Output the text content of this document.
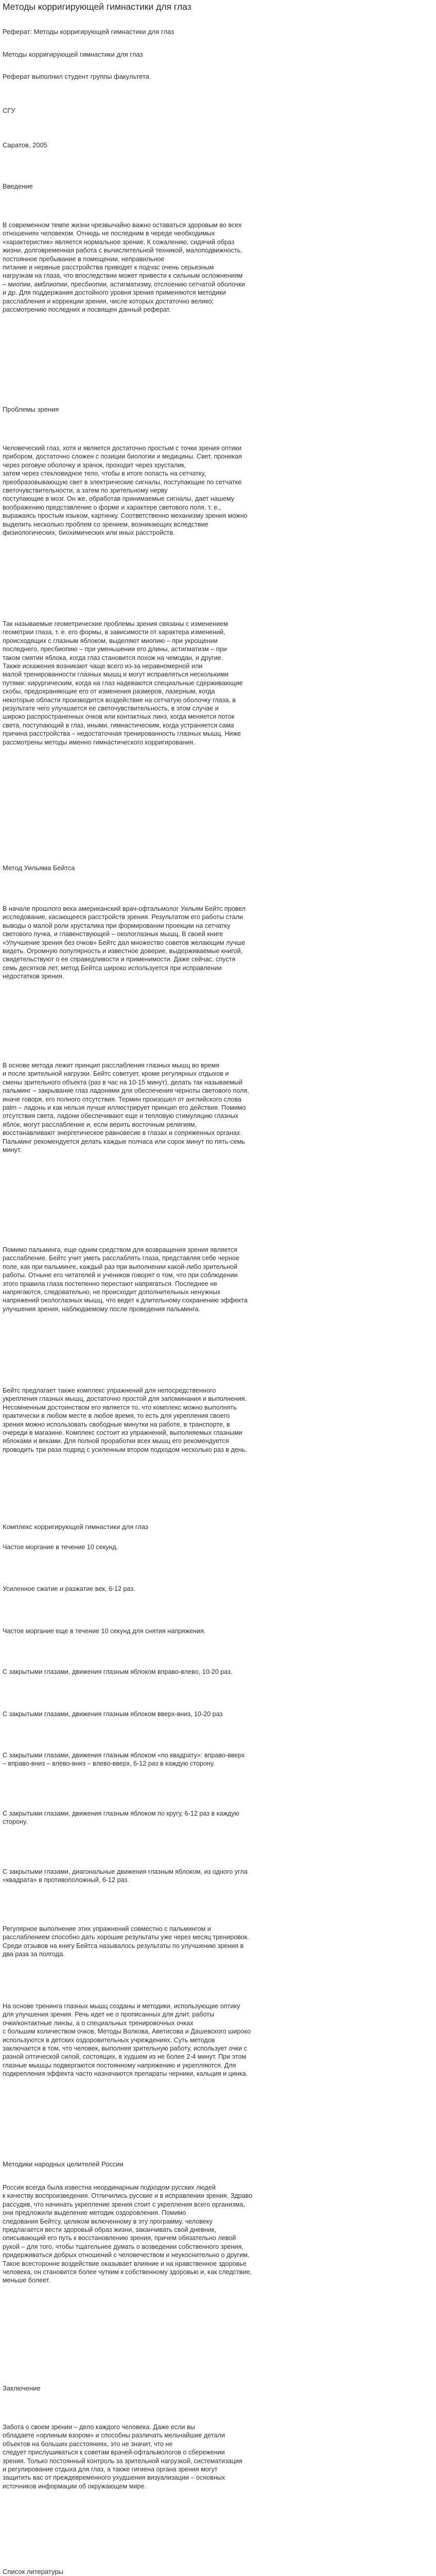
Методы корригирующей гимнастики для глаз
Реферат: Методы корригирующей гимнастики для глаз
Методы корригирующей гимнастики для глаз
Реферат выполнил студент группы факультета
СГУ
Саратов, 2005
Введение
В современном темпе жизни чрезвычайно важно оставаться здоровым во всех
отношениях человеком. Отнюдь не последним в череде необходимых
«характеристик» является нормальное зрение. К сожалению, сидячий образ
жизни, долговременная работа с вычислительной техникой, малоподвижность,
постоянное пребывание в помещении, неправильное
питание и нервные расстройства приводят к подчас очень серьезным
нагрузкам на глаза, что впоследствии может привести к сильным осложнениям
– миопии, амблиопии, пресбиопии, астигматизму, отслоению сетчатой оболочки
и др. Для поддержания достойного уровня зрения применяются методики
расслабления и коррекции зрения, числе которых достаточно велико;
рассмотрению последних и посвящен данный реферат.
Проблемы зрения
Человеческий глаз, хотя и является достаточно простым с точки зрения оптики
прибором, достаточно сложен с позиции биологии и медицины. Свет, проникая
через роговую оболочку и зрачок, проходит через хрусталик,
затем через стекловидное тело, чтобы в итоге попасть на сетчатку,
преобразовывающую свет в электрические сигналы, поступающие по сетчатке
светочувствительности, а затем по зрительному нерву
поступающие в мозг. Он же, обработав принимаемые сигналы, дает нашему
воображению представление о форме и характере светового поля, т. е.,
выражаясь простым языком, картинку. Соответственно механизму зрения можно
выделить несколько проблем со зрением, возникающих вследствие
физиологических, биохимических или иных расстройств.
Так называемые геометрические проблемы зрения связаны с изменением
геометрии глаза, т. е. его формы, в зависимости от характера изменений,
происходящих с глазным яблоком, выделяют миопию – при укрощении
последнего, пресбиопию – при уменьшении его длины, астигматизм – при
таком смятии яблока, когда глаз становится похож на чемодан, и другие.
Также искажения возникают чаще всего из-за неравномерной или
малой тренированности глазных мышц и могут исправляться несколькими
путями: хирургическим, когда на глаз надеваются специальные сдерживающие
скобы, предохраняющие его от изменения размеров, лазерным, когда
некоторые области производится воздействие на сетчатую оболочку глаза, в
результате чего улучшается ее светочувствительность, в этом случае и
широко распространенных очков или контактных линз, когда меняется поток
света, поступающий в глаз, иными, гимнастическим, когда устраняется сама
причина расстройства – недостаточная тренированность глазных мышц. Ниже
рассмотрены методы именно гимнастического корригирования.
Метод Уильяма Бейтса
В начале прошлого века американский врач-офтальмолог Уильям Бейтс провел
исследование, касающееся расстройств зрения. Результатом его работы стали
выводы о малой роли хрусталика при формировании проекции на сетчатку
светового пучка, и главенствующей – окологлазных мышц. В своей книге
«Улучшение зрения без очков» Бейтс дал множество советов желающим лучше
видеть. Огромную популярность и известное доверие, выдерживаемые книгой,
свидетельствуют о ее справедливости и применимости. Даже сейчас, спустя
семь десятков лет, метод Бейтса широко используется при исправлении
недостатков зрения.
В основе метода лежит принцип расслабления глазных мышц во время
и после зрительной нагрузки. Бейтс советует, кроме регулярных отдыхов и
смены зрительного объекта (раз в час на 10-15 минут), делать так называемый
пальминг – закрывание глаз ладонями для обеспечения черноты светового поля,
иначе говоря, его полного отсутствия. Термин произошел от английского слова
palm – ладонь и как нельзя лучше иллюстрирует принцип его действия. Помимо
отсутствия света, ладони обеспечивают еще и тепловую стимуляцию глазных
яблок, могут расслабление и, если верить восточным религиям,
восстанавливают энергетическое равновесие в глазах и сопряженных органах.
Пальминг рекомендуется делать каждые полчаса или сорок минут по пять-семь
минут.
Помимо пальминга, еще одним средством для возвращения зрения является
расслабление. Бейтс учит уметь расслаблять глаза, представляя себе черное
поле, как при пальминге, каждый раз при выполнении какой-либо зрительной
работы. Отныне его читателей и учеников говорят о том, что при соблюдении
этого правила глаза постепенно перестают напрягаться. Последнее не
напрягаются, следовательно, не происходит дополнительных ненужных
напряжений окологлазных мышц, что ведет к длительному сохранению эффекта
улучшения зрения, наблюдаемому после проведения пальминга.
Бейтс предлагает также комплекс упражнений для непосредственного
укрепления глазных мышц, достаточно простой для запоминания и выполнения.
Несомненным достоинством его является то, что комплекс можно выполнять
практически в любом месте в любое время, то есть для укрепления своего
зрения можно использовать свободные минутки на работе, в транспорте, в
очереди в магазине. Комплекс состоит из упражнений, выполняемых глазными
яблоками и веками. Для полной проработки всех мышц его рекомендуется
проводить три раза подряд с усиленным втором подходом несколько раз в день.
Комплекс корригирующей гимнастики для глаз
Частое моргание в течение 10 секунд.
Усиленное сжатие и разжатие век, 6-12 раз.
Частое моргание еще в течение 10 секунд для снятия напряжения.
С закрытыми глазами, движения глазным яблоком вправо-влево, 10-20 раз.
С закрытыми глазами, движения глазным яблоком вверх-вниз, 10-20 раз
С закрытыми глазами, движения глазным яблоком «по квадрату»: вправо-вверх
– вправо-вниз – влево-вниз – влево-вверх, 6-12 раз в каждую сторону.
С закрытыми глазами, движения глазным яблоком по кругу, 6-12 раз в каждую
сторону.
С закрытыми глазами, диагональные движения глазным яблоком, из одного угла
«квадрата» в противоположный, 6-12 раз.
Регулярное выполнение этих упражнений совместно с пальмингом и
расслаблением способно дать хорошие результаты уже через месяц тренировок.
Среди отзывов на книгу Бейтса называлось результаты по улучшению зрения в
два раза за полгода.
На основе тренинга глазных мышц созданы и методики, использующие оптику
для улучшения зрения. Речь идет не о прописанных для длит. работы
очки/контактные линзы, а о специальных тренировочных очках
с большим количеством очков, Методы Волкова, Аветисова и Дашевского широко
используются в детских оздоровительных учреждениях. Суть методов
заключается в том, что человек, выполняя зрительную работу, использует очки с
разной оптической силой, состоящих, в худшем из не более 2-4 минут. При этом
глазные мышцы подвергаются постоянному напряжению и укрепляются. Для
подкрепления эффекта часто назначаются препараты черники, кальция и цинка.
Методики народных целителей России
Россия всегда была известна неординарным подходом русских людей
к качеству воспроизведения. Отличились русские и в исправлении зрения. Здраво
рассудив, что начинать укрепление зрения стоит с укрепления всего организма,
они предложили выделение методик оздоровления. Помимо
следования Бейтсу, целиком включенному в эту программу, человеку
предлагается вести здоровый образ жизни, заканчивать свой дневник,
описывающий его путь к восстановлению зрения, причем обязательно левой
рукой – для того, чтобы тщательнее думать о возведении собственного зрения,
придерживаться добрых отношений с человечеством и неукоснительно о другим.
Такое всесторонне воздействие оказывает влияние и на нравственное здоровье
человека, он становится более чутким к собственному здоровью и, как следствие,
меньше болеет.
Заключение
Забота о своем зрении – дело каждого человека. Даже если вы
обладаете «орлиным взором» и способны различать мельчайшие детали
объектов на больших расстояниях, это не значит, что не
следует прислушиваться к советам врачей-офтальмологов о сбережении
зрения. Только постоянный контроль за зрительной нагрузкой, систематизация
и регулирование отдыха для глаз, а также гигиена органа зрения могут
защитить вас от преждевременного ухудшения визуализации – основных
источников информации об окружающем мире.
Список литературы
